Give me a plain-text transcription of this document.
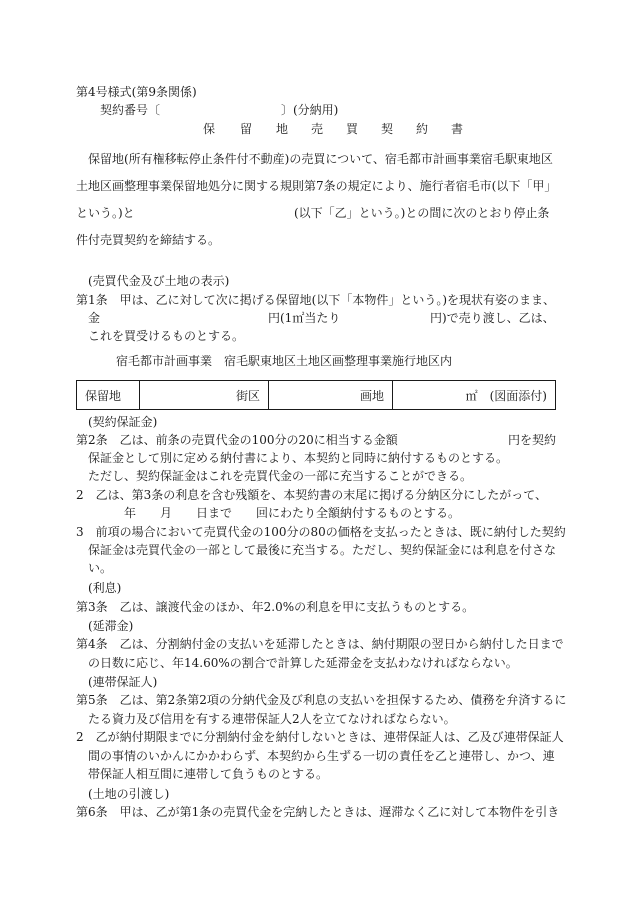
第4号様式(第9条関係)
契約番号〔	〕(分納用)
保 留 地 売 買 契 約 書
保留地(所有権移転停止条件付不動産)の売買について、宿毛都市計画事業宿毛駅東地区
土地区画整理事業保留地処分に関する規則第7条の規定により、施行者宿毛市(以下「甲」
という。)と	(以下「乙」という。)との間に次のとおり停止条
件付売買契約を締結する。
(売買代金及び土地の表示)
第1条　甲は、乙に対して次に掲げる保留地(以下「本物件」という。)を現状有姿のまま、
金	円(1㎡当たり	円)で売り渡し、乙は、
これを買受けるものとする。
宿毛都市計画事業　宿毛駅東地区土地区画整理事業施行地区内
保留地	街区	画地	㎡　(図面添付)
(契約保証金)
第2条　乙は、前条の売買代金の100分の20に相当する金額	円を契約
保証金として別に定める納付書により、本契約と同時に納付するものとする。
ただし、契約保証金はこれを売買代金の一部に充当することができる。
2　乙は、第3条の利息を含む残額を、本契約書の末尾に掲げる分納区分にしたがって、
年　　月　　日まで　　回にわたり全額納付するものとする。
3　前項の場合において売買代金の100分の80の価格を支払ったときは、既に納付した契約
保証金は売買代金の一部として最後に充当する。ただし、契約保証金には利息を付さな
い。
(利息)
第3条　乙は、譲渡代金のほか、年2.0%の利息を甲に支払うものとする。
(延滞金)
第4条　乙は、分割納付金の支払いを延滞したときは、納付期限の翌日から納付した日まで
の日数に応じ、年14.60%の割合で計算した延滞金を支払わなければならない。
(連帯保証人)
第5条　乙は、第2条第2項の分納代金及び利息の支払いを担保するため、債務を弁済するに
たる資力及び信用を有する連帯保証人2人を立てなければならない。
2　乙が納付期限までに分割納付金を納付しないときは、連帯保証人は、乙及び連帯保証人
間の事情のいかんにかかわらず、本契約から生ずる一切の責任を乙と連帯し、かつ、連
帯保証人相互間に連帯して負うものとする。
(土地の引渡し)
第6条　甲は、乙が第1条の売買代金を完納したときは、遅滞なく乙に対して本物件を引き
